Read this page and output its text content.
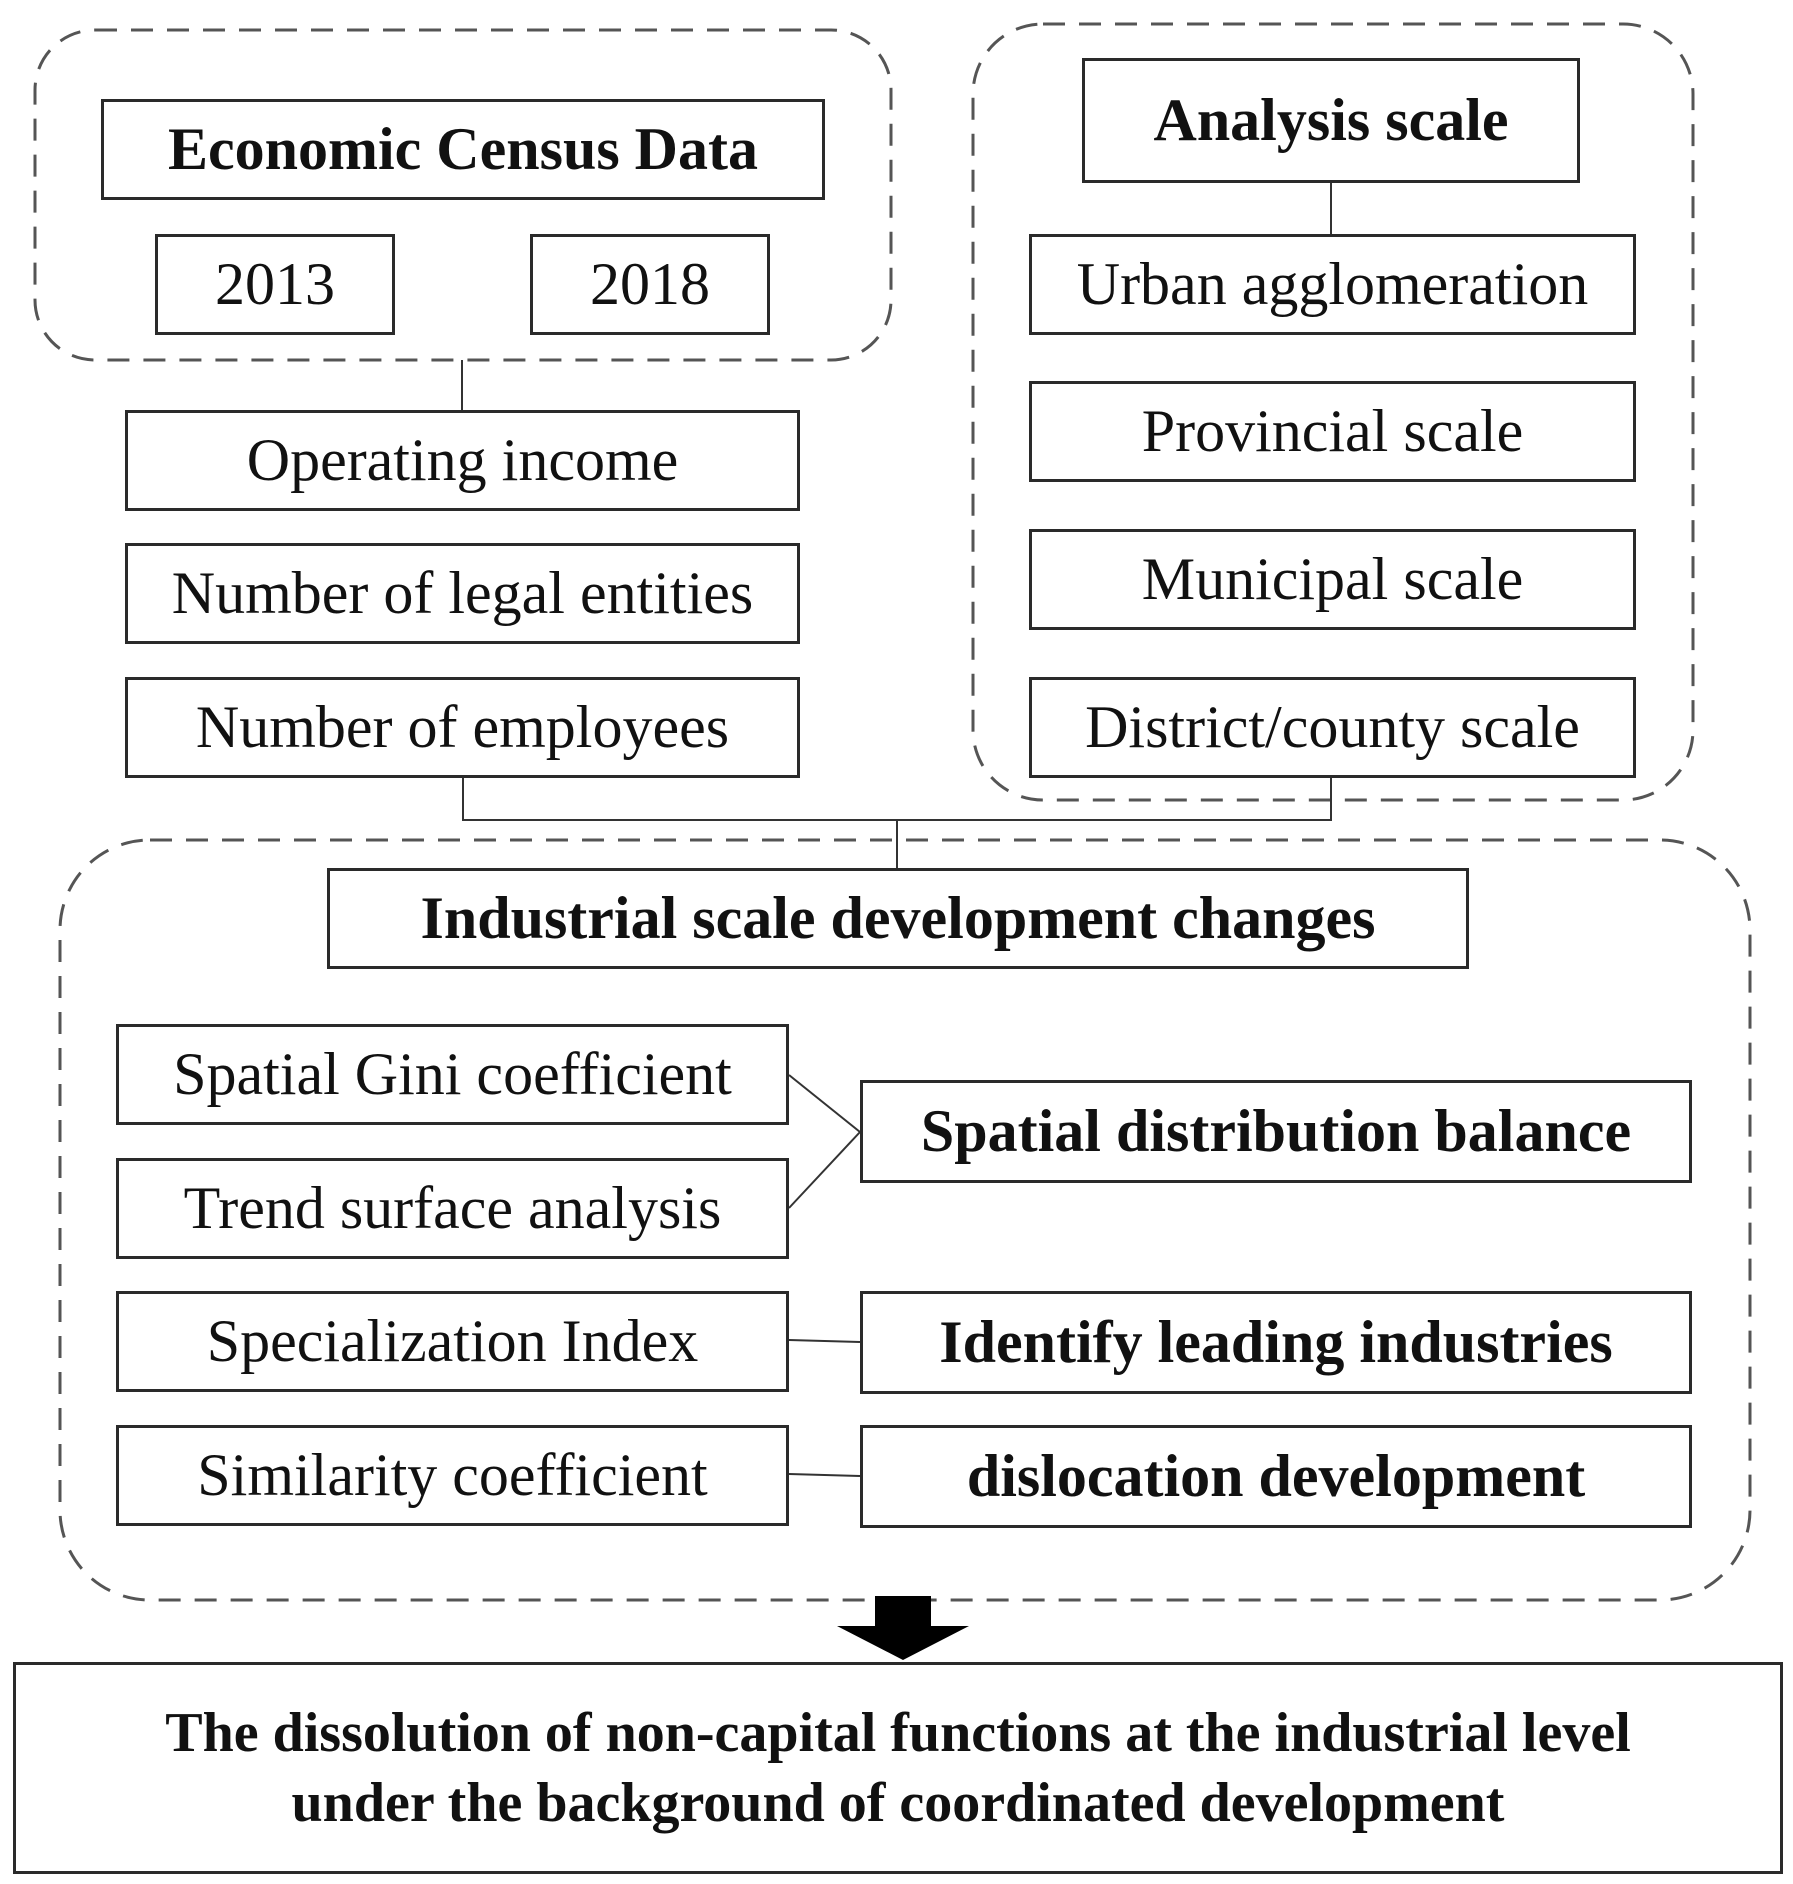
Economic Census Data
2013	2018
Operating income
Number of legal entities
Number of employees
Analysis scale
Urban agglomeration
Provincial scale
Municipal scale
District/county scale
Industrial scale development changes
Spatial Gini coefficient
Trend surface analysis
Specialization Index
Similarity coefficient
Spatial distribution balance
Identify leading industries
dislocation development
The dissolution of non-capital functions at the industrial level
under the background of coordinated development
